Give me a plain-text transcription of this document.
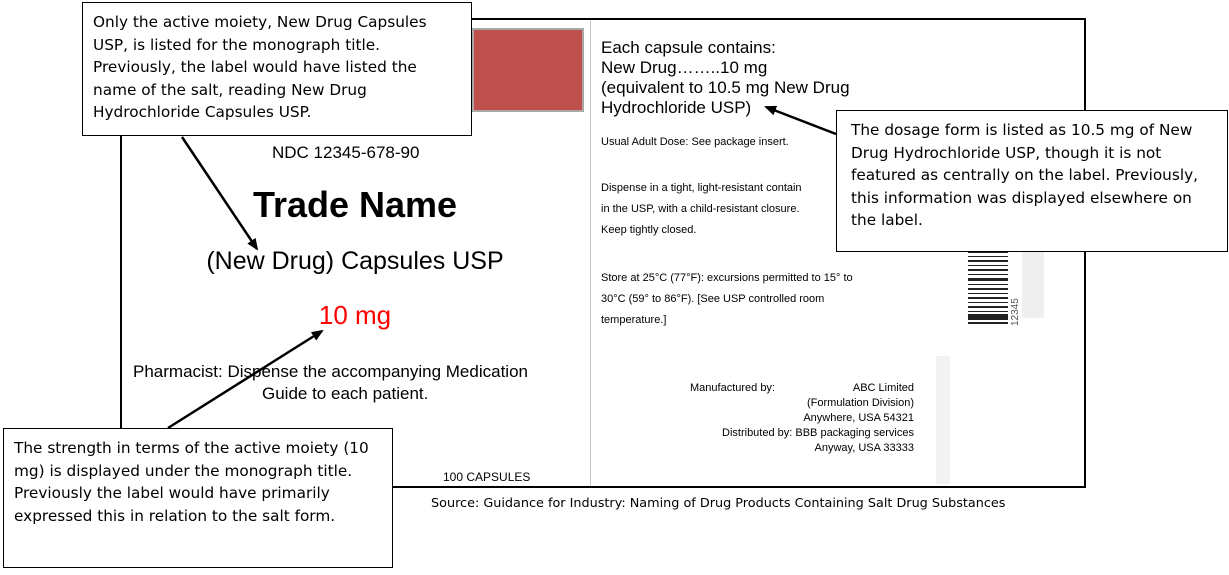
NDC 12345-678-90
Trade Name
(New Drug) Capsules USP
10 mg
Pharmacist: Dispense the accompanying Medication
Guide to each patient.
100 CAPSULES
Each capsule contains:
New Drug……..10 mg
(equivalent to 10.5 mg New Drug
Hydrochloride USP)
Usual Adult Dose: See package insert.
Dispense in a tight, light-resistant contain
in the USP, with a child-resistant closure.
Keep tightly closed.
Store at 25°C (77°F): excursions permitted to 15° to
30°C (59° to 86°F). [See USP controlled room
temperature.]
Manufactured by:	ABC Limited
(Formulation Division)
Anywhere, USA 54321
Distributed by: BBB packaging services
Anyway, USA 33333
12345
Only the active moiety, New Drug Capsules USP, is listed for the monograph title. Previously, the label would have listed the name of the salt, reading New Drug Hydrochloride Capsules USP.
The dosage form is listed as 10.5 mg of New Drug Hydrochloride USP, though it is not featured as centrally on the label. Previously, this information was displayed elsewhere on the label.
The strength in terms of the active moiety (10 mg) is displayed under the monograph title. Previously the label would have primarily expressed this in relation to the salt form.
Source: Guidance for Industry: Naming of Drug Products Containing Salt Drug Substances
